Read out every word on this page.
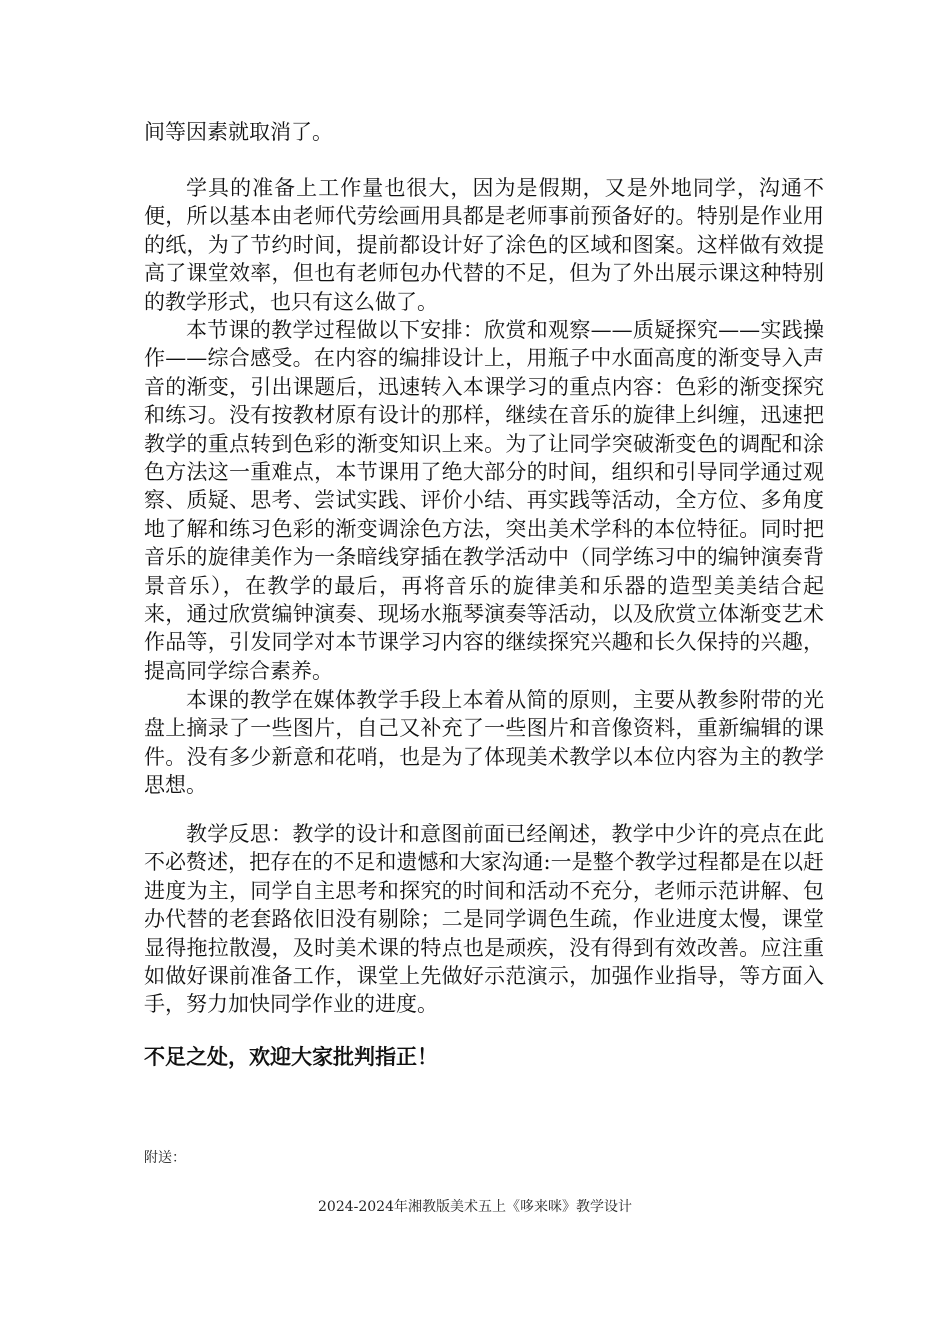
间等因素就取消了。

学具的准备上工作量也很大，因为是假期，又是外地同学，沟通不便，所以基本由老师代劳绘画用具都是老师事前预备好的。特别是作业用的纸，为了节约时间，提前都设计好了涂色的区域和图案。这样做有效提高了课堂效率，但也有老师包办代替的不足，但为了外出展示课这种特别的教学形式，也只有这么做了。

本节课的教学过程做以下安排：欣赏和观察——质疑探究——实践操作——综合感受。在内容的编排设计上，用瓶子中水面高度的渐变导入声音的渐变，引出课题后，迅速转入本课学习的重点内容：色彩的渐变探究和练习。没有按教材原有设计的那样，继续在音乐的旋律上纠缠，迅速把教学的重点转到色彩的渐变知识上来。为了让同学突破渐变色的调配和涂色方法这一重难点，本节课用了绝大部分的时间，组织和引导同学通过观察、质疑、思考、尝试实践、评价小结、再实践等活动，全方位、多角度地了解和练习色彩的渐变调涂色方法，突出美术学科的本位特征。同时把音乐的旋律美作为一条暗线穿插在教学活动中（同学练习中的编钟演奏背景音乐），在教学的最后，再将音乐的旋律美和乐器的造型美美结合起来，通过欣赏编钟演奏、现场水瓶琴演奏等活动，以及欣赏立体渐变艺术作品等，引发同学对本节课学习内容的继续探究兴趣和长久保持的兴趣，提高同学综合素养。

本课的教学在媒体教学手段上本着从简的原则，主要从教参附带的光盘上摘录了一些图片，自己又补充了一些图片和音像资料，重新编辑的课件。没有多少新意和花哨，也是为了体现美术教学以本位内容为主的教学思想。

教学反思：教学的设计和意图前面已经阐述，教学中少许的亮点在此不必赘述，把存在的不足和遗憾和大家沟通:一是整个教学过程都是在以赶进度为主，同学自主思考和探究的时间和活动不充分，老师示范讲解、包办代替的老套路依旧没有剔除；二是同学调色生疏，作业进度太慢，课堂显得拖拉散漫，及时美术课的特点也是顽疾，没有得到有效改善。应注重如做好课前准备工作，课堂上先做好示范演示，加强作业指导，等方面入手，努力加快同学作业的进度。

不足之处，欢迎大家批判指正！

附送：

2024-2024年湘教版美术五上《哆来咪》教学设计
